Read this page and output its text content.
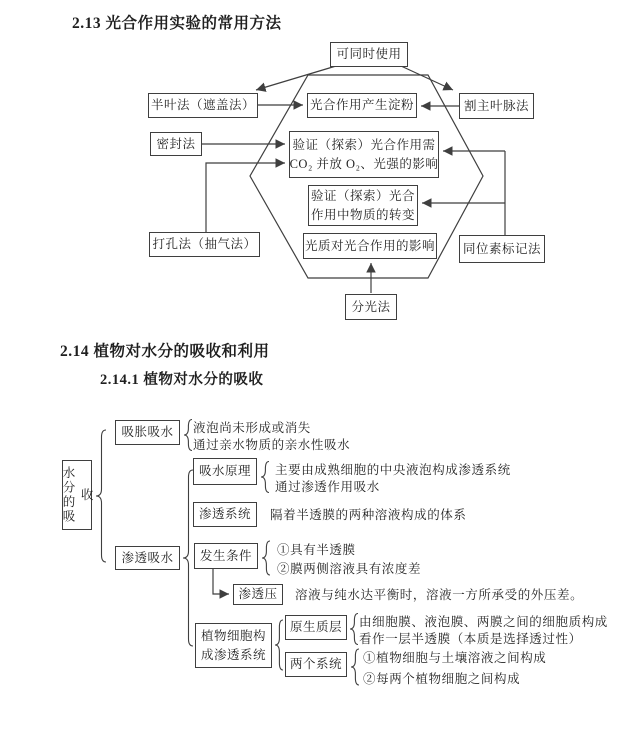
2.13 光合作用实验的常用方法
2.14 植物对水分的吸收和利用
2.14.1 植物对水分的吸收
可同时使用
半叶法（遮盖法）	光合作用产生淀粉	割主叶脉法
密封法	验证（探索）光合作用需
CO₂ 并放 O₂、光强的影响
验证（探索）光合
作用中物质的转变
打孔法（抽气法）	光质对光合作用的影响	同位素标记法
分光法
水分的吸收
吸胀吸水	液泡尚未形成或消失
通过亲水物质的亲水性吸水
渗透吸水
吸水原理	主要由成熟细胞的中央液泡构成渗透系统
通过渗透作用吸水
渗透系统	隔着半透膜的两种溶液构成的体系
发生条件	①具有半透膜
②膜两侧溶液具有浓度差
渗透压	溶液与纯水达平衡时，溶液一方所承受的外压差。
植物细胞构成渗透系统
原生质层	由细胞膜、液泡膜、两膜之间的细胞质构成
看作一层半透膜（本质是选择透过性）
两个系统	①植物细胞与土壤溶液之间构成
②每两个植物细胞之间构成
